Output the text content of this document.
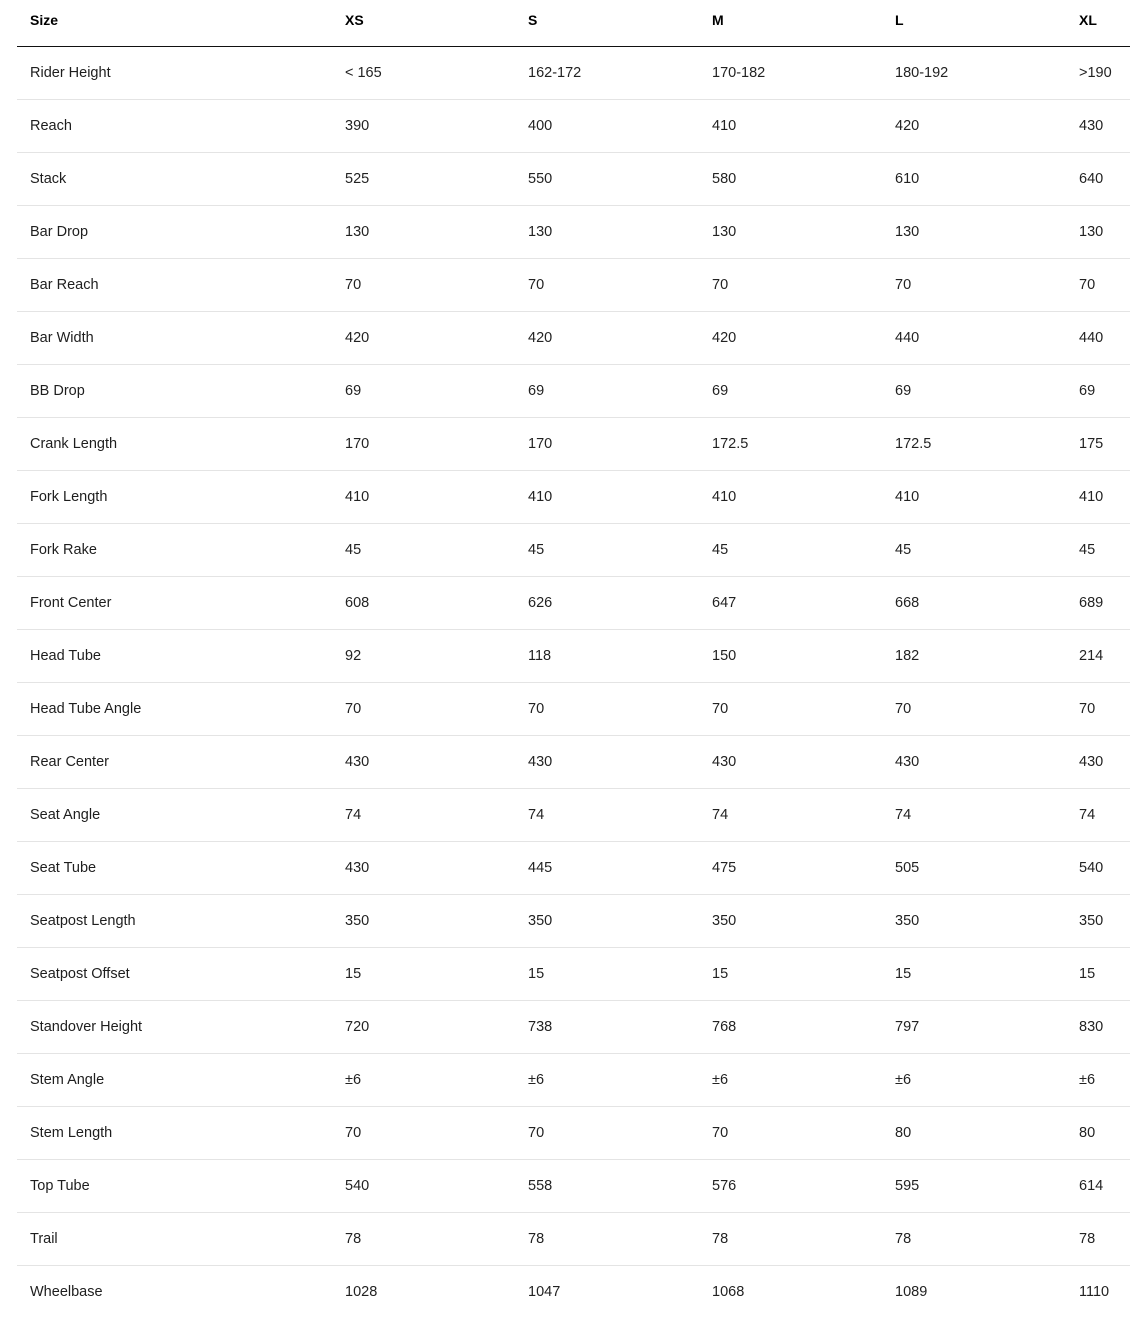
Size	XS	S	M	L	XL
Rider Height	< 165	162-172	170-182	180-192	>190
Reach	390	400	410	420	430
Stack	525	550	580	610	640
Bar Drop	130	130	130	130	130
Bar Reach	70	70	70	70	70
Bar Width	420	420	420	440	440
BB Drop	69	69	69	69	69
Crank Length	170	170	172.5	172.5	175
Fork Length	410	410	410	410	410
Fork Rake	45	45	45	45	45
Front Center	608	626	647	668	689
Head Tube	92	118	150	182	214
Head Tube Angle	70	70	70	70	70
Rear Center	430	430	430	430	430
Seat Angle	74	74	74	74	74
Seat Tube	430	445	475	505	540
Seatpost Length	350	350	350	350	350
Seatpost Offset	15	15	15	15	15
Standover Height	720	738	768	797	830
Stem Angle	±6	±6	±6	±6	±6
Stem Length	70	70	70	80	80
Top Tube	540	558	576	595	614
Trail	78	78	78	78	78
Wheelbase	1028	1047	1068	1089	1110
